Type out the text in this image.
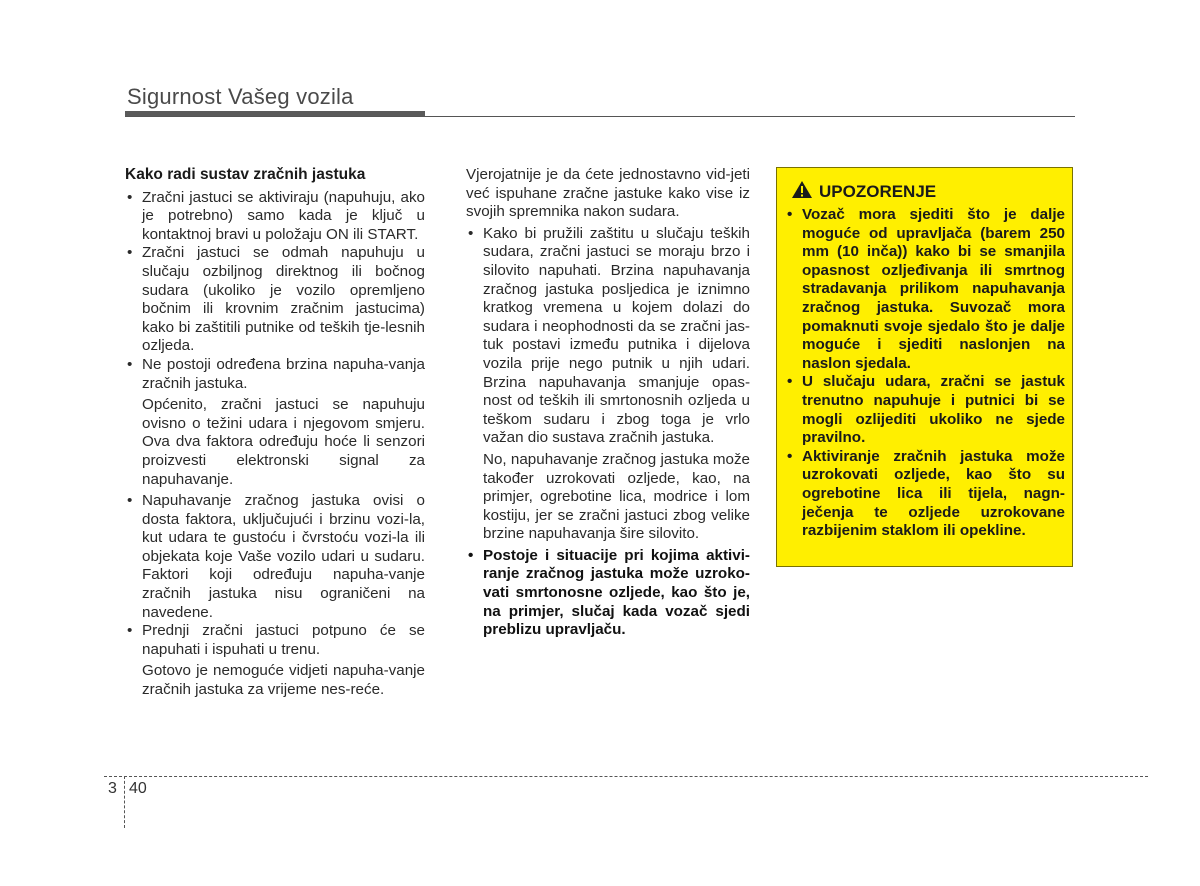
Sigurnost Vašeg vozila
Kako radi sustav zračnih jastuka
• Zračni jastuci se aktiviraju (napuhuju, ako je potrebno) samo kada je ključ u kontaktnoj bravi u položaju ON ili START.
• Zračni jastuci se odmah napuhuju u slučaju ozbiljnog direktnog ili bočnog sudara (ukoliko je vozilo opremljeno bočnim ili krovnim zračnim jastucima) kako bi zaštitili putnike od teških tje-lesnih ozljeda.
• Ne postoji određena brzina napuha-vanja zračnih jastuka.
Općenito, zračni jastuci se napuhuju ovisno o težini udara i njegovom smjeru. Ova dva faktora određuju hoće li senzori proizvesti elektronski signal za napuhavanje.
• Napuhavanje zračnog jastuka ovisi o dosta faktora, uključujući i brzinu vozi-la, kut udara te gustoću i čvrstoću vozi-la ili objekata koje Vaše vozilo udari u sudaru. Faktori koji određuju napuha-vanje zračnih jastuka nisu ograničeni na navedene.
• Prednji zračni jastuci potpuno će se napuhati i ispuhati u trenu.
Gotovo je nemoguće vidjeti napuha-vanje zračnih jastuka za vrijeme nes-reće.

Vjerojatnije je da ćete jednostavno vid-jeti već ispuhane zračne jastuke kako vise iz svojih spremnika nakon sudara.

• Kako bi pružili zaštitu u slučaju teških sudara, zračni jastuci se moraju brzo i silovito napuhati. Brzina napuhavanja zračnog jastuka posljedica je iznimno kratkog vremena u kojem dolazi do sudara i neophodnosti da se zračni jas-tuk postavi između putnika i dijelova vozila prije nego putnik u njih udari. Brzina napuhavanja smanjuje opas-nost od teških ili smrtonosnih ozljeda u teškom sudaru i zbog toga je vrlo važan dio sustava zračnih jastuka.
No, napuhavanje zračnog jastuka može također uzrokovati ozljede, kao, na primjer, ogrebotine lica, modrice i lom kostiju, jer se zračni jastuci zbog velike brzine napuhavanja šire silovito.
• Postoje i situacije pri kojima aktivi-ranje zračnog jastuka može uzroko-vati smrtonosne ozljede, kao što je, na primjer, slučaj kada vozač sjedi preblizu upravljaču.
UPOZORENJE
• Vozač mora sjediti što je dalje moguće od upravljača (barem 250 mm (10 inča)) kako bi se smanjila opasnost ozljeđivanja ili smrtnog stradavanja prilikom napuhavanja zračnog jastuka. Suvozač mora pomaknuti svoje sjedalo što je dalje moguće i sjediti naslonjen na naslon sjedala.
• U slučaju udara, zračni se jastuk trenutno napuhuje i putnici bi se mogli ozlijediti ukoliko ne sjede pravilno.
• Aktiviranje zračnih jastuka može uzrokovati ozljede, kao što su ogrebotine lica ili tijela, nagn-ječenja te ozljede uzrokovane razbijenim staklom ili opekline.
3 40
